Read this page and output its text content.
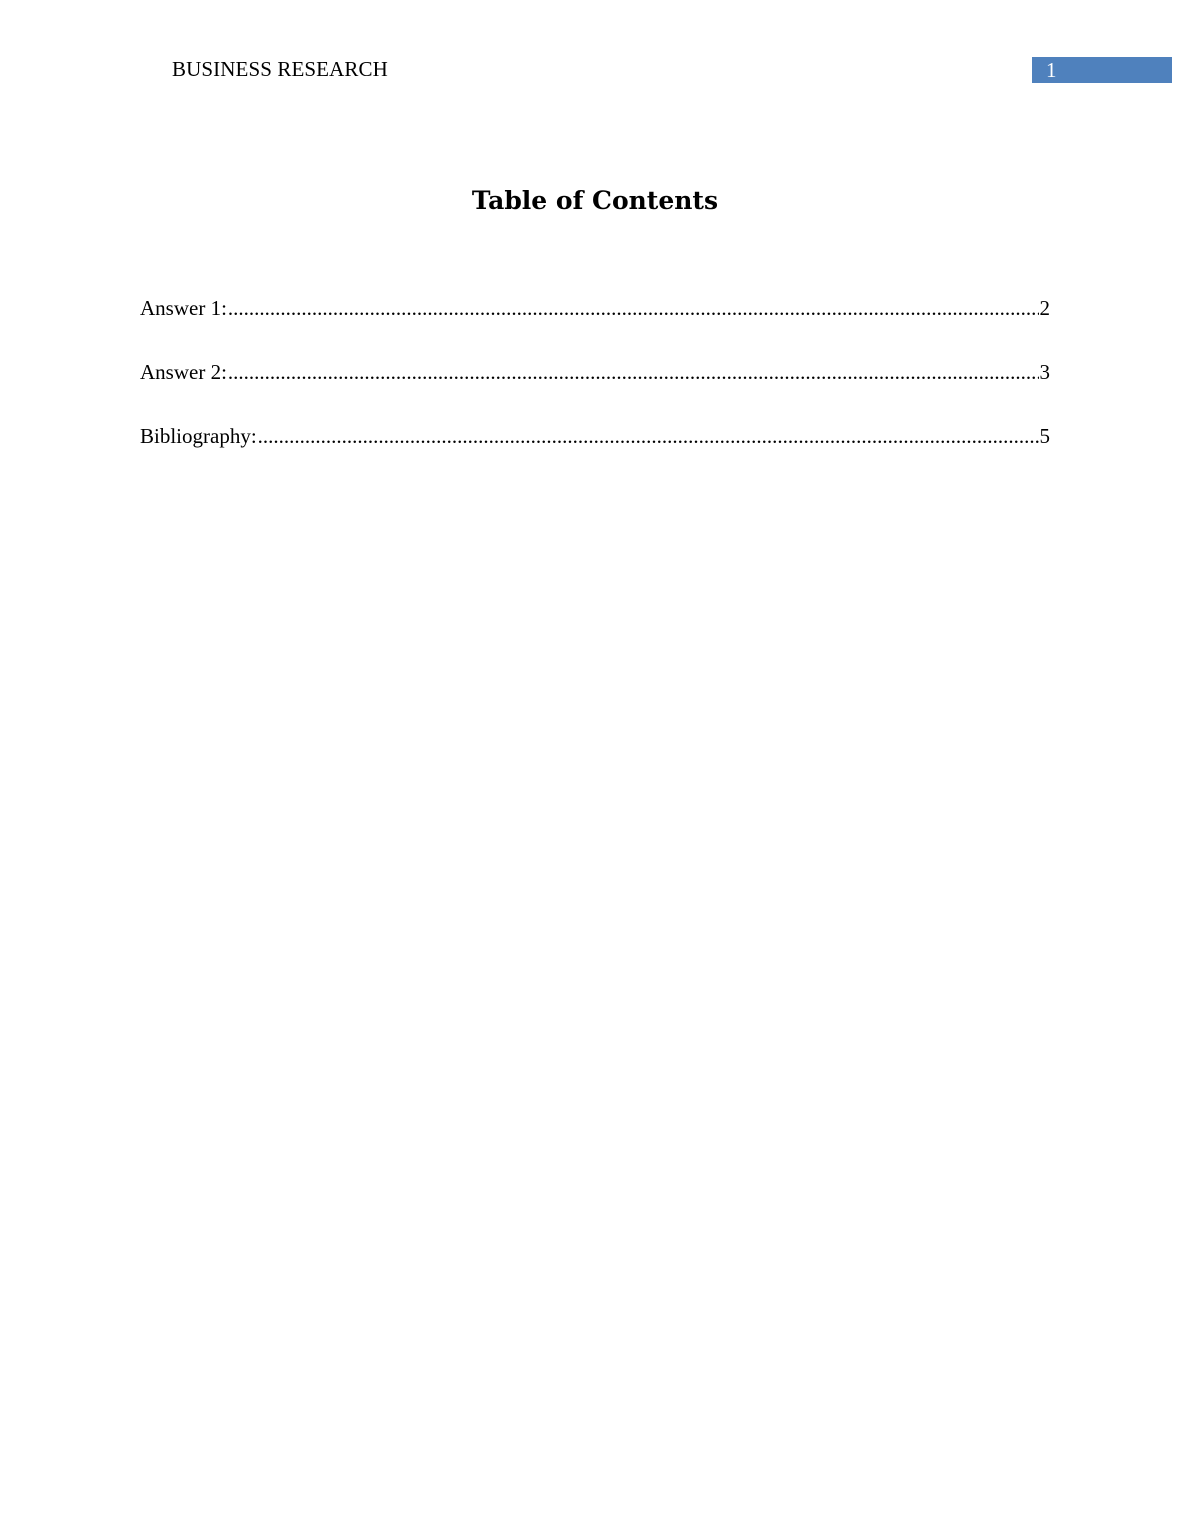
BUSINESS RESEARCH	1
Table of Contents
Answer 1: .....	2
Answer 2: .....	3
Bibliography: .....	5
